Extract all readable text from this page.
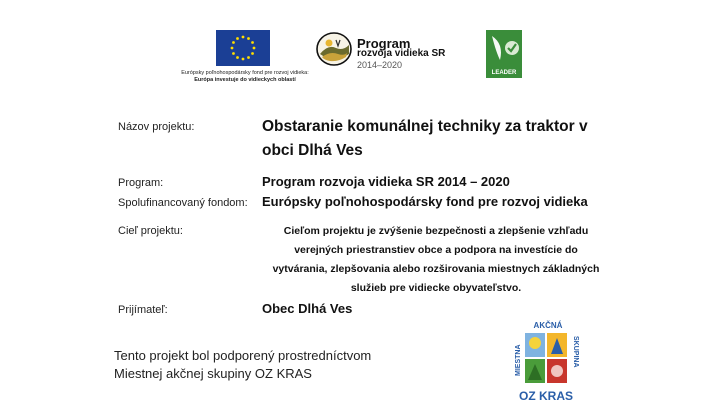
Európsky poľnohospodársky fond pre rozvoj vidieka:
Európa investuje do vidieckych oblastí
Program
rozvoja vidieka SR
2014–2020
LEADER
Názov projektu:	Obstaranie komunálnej techniky za traktor v
obci Dlhá Ves
Program:	Program rozvoja vidieka SR 2014 – 2020
Spolufinancovaný fondom: Európsky poľnohospodársky fond pre rozvoj vidieka
Cieľ projektu:	Cieľom projektu je zvýšenie bezpečnosti a zlepšenie vzhľadu
verejných priestranstiev obce a podpora na investície do
vytvárania, zlepšovania alebo rozširovania miestnych základných
služieb pre vidiecke obyvateľstvo.
Prijímateľ:	Obec Dlhá Ves
Tento projekt bol podporený prostredníctvom
Miestnej akčnej skupiny OZ KRAS
AKČNÁ
MIESTNA	SKUPINA
OZ KRAS
